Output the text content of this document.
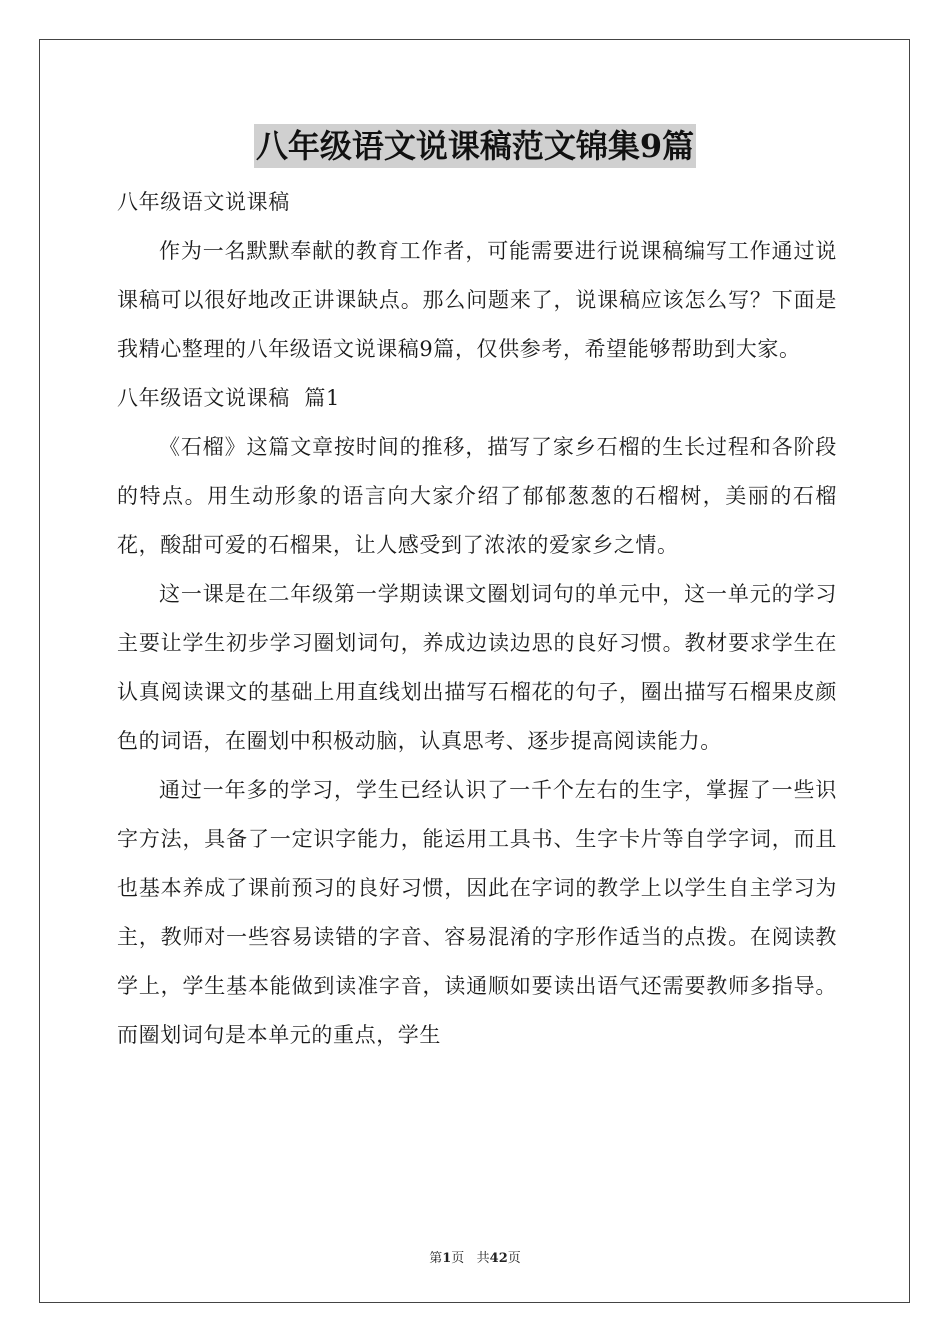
八年级语文说课稿范文锦集9篇
八年级语文说课稿

作为一名默默奉献的教育工作者，可能需要进行说课稿编写工作通过说课稿可以很好地改正讲课缺点。那么问题来了，说课稿应该怎么写？下面是我精心整理的八年级语文说课稿9篇，仅供参考，希望能够帮助到大家。

八年级语文说课稿  篇1

《石榴》这篇文章按时间的推移，描写了家乡石榴的生长过程和各阶段的特点。用生动形象的语言向大家介绍了郁郁葱葱的石榴树，美丽的石榴花，酸甜可爱的石榴果，让人感受到了浓浓的爱家乡之情。

这一课是在二年级第一学期读课文圈划词句的单元中，这一单元的学习主要让学生初步学习圈划词句，养成边读边思的良好习惯。教材要求学生在认真阅读课文的基础上用直线划出描写石榴花的句子，圈出描写石榴果皮颜色的词语，在圈划中积极动脑，认真思考、逐步提高阅读能力。

通过一年多的学习，学生已经认识了一千个左右的生字，掌握了一些识字方法，具备了一定识字能力，能运用工具书、生字卡片等自学字词，而且也基本养成了课前预习的良好习惯，因此在字词的教学上以学生自主学习为主，教师对一些容易读错的字音、容易混淆的字形作适当的点拨。在阅读教学上，学生基本能做到读准字音，读通顺如要读出语气还需要教师多指导。而圈划词句是本单元的重点，学生

第1页   共42页
